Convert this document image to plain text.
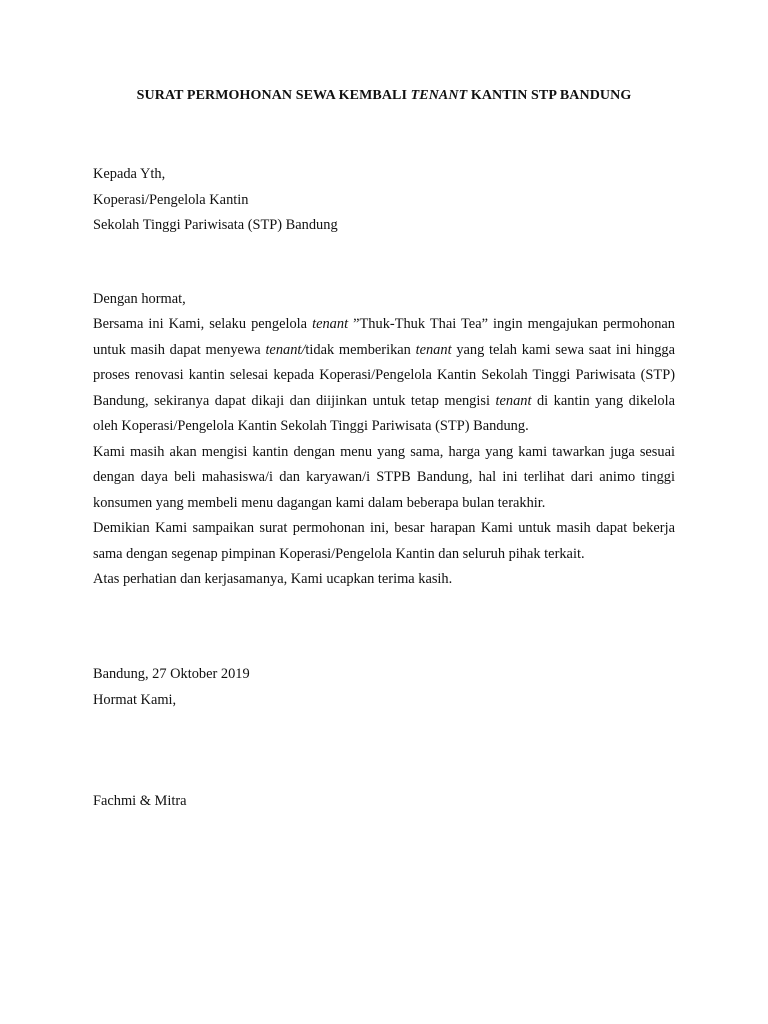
SURAT PERMOHONAN SEWA KEMBALI TENANT KANTIN STP BANDUNG
Kepada Yth,
Koperasi/Pengelola Kantin
Sekolah Tinggi Pariwisata (STP) Bandung
Dengan hormat,

Bersama ini Kami, selaku pengelola tenant ”Thuk-Thuk Thai Tea” ingin mengajukan permohonan untuk masih dapat menyewa tenant/tidak memberikan tenant yang telah kami sewa saat ini hingga proses renovasi kantin selesai kepada Koperasi/Pengelola Kantin Sekolah Tinggi Pariwisata (STP) Bandung, sekiranya dapat dikaji dan diijinkan untuk tetap mengisi tenant di kantin yang dikelola oleh Koperasi/Pengelola Kantin Sekolah Tinggi Pariwisata (STP) Bandung.

Kami masih akan mengisi kantin dengan menu yang sama, harga yang kami tawarkan juga sesuai dengan daya beli mahasiswa/i dan karyawan/i STPB Bandung, hal ini terlihat dari animo tinggi konsumen yang membeli menu dagangan kami dalam beberapa bulan terakhir.

Demikian Kami sampaikan surat permohonan ini, besar harapan Kami untuk masih dapat bekerja sama dengan segenap pimpinan Koperasi/Pengelola Kantin dan seluruh pihak terkait.

Atas perhatian dan kerjasamanya, Kami ucapkan terima kasih.

Bandung, 27 Oktober 2019
Hormat Kami,
Fachmi & Mitra
